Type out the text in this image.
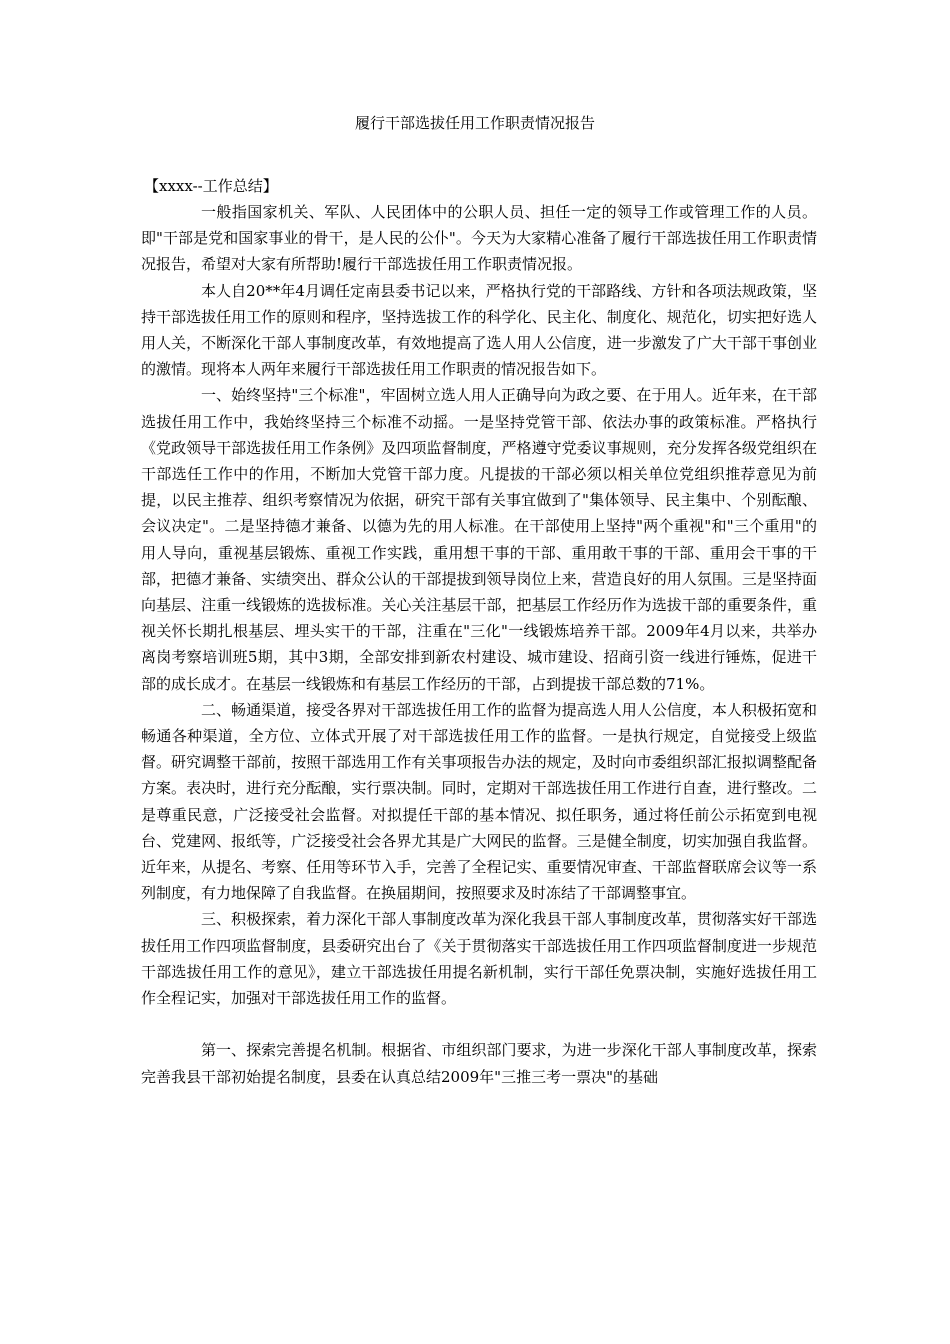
履行干部选拔任用工作职责情况报告

【xxxx--工作总结】

一般指国家机关、军队、人民团体中的公职人员、担任一定的领导工作或管理工作的人员。即"干部是党和国家事业的骨干，是人民的公仆"。今天为大家精心准备了履行干部选拔任用工作职责情况报告，希望对大家有所帮助!履行干部选拔任用工作职责情况报。

本人自20**年4月调任定南县委书记以来，严格执行党的干部路线、方针和各项法规政策，坚持干部选拔任用工作的原则和程序，坚持选拔工作的科学化、民主化、制度化、规范化，切实把好选人用人关，不断深化干部人事制度改革，有效地提高了选人用人公信度，进一步激发了广大干部干事创业的激情。现将本人两年来履行干部选拔任用工作职责的情况报告如下。

一、始终坚持"三个标准"，牢固树立选人用人正确导向为政之要、在于用人。近年来，在干部选拔任用工作中，我始终坚持三个标准不动摇。一是坚持党管干部、依法办事的政策标准。严格执行《党政领导干部选拔任用工作条例》及四项监督制度，严格遵守党委议事规则，充分发挥各级党组织在干部选任工作中的作用，不断加大党管干部力度。凡提拔的干部必须以相关单位党组织推荐意见为前提，以民主推荐、组织考察情况为依据，研究干部有关事宜做到了"集体领导、民主集中、个别酝酿、会议决定"。二是坚持德才兼备、以德为先的用人标准。在干部使用上坚持"两个重视"和"三个重用"的用人导向，重视基层锻炼、重视工作实践，重用想干事的干部、重用敢干事的干部、重用会干事的干部，把德才兼备、实绩突出、群众公认的干部提拔到领导岗位上来，营造良好的用人氛围。三是坚持面向基层、注重一线锻炼的选拔标准。关心关注基层干部，把基层工作经历作为选拔干部的重要条件，重视关怀长期扎根基层、埋头实干的干部，注重在"三化"一线锻炼培养干部。2009年4月以来，共举办离岗考察培训班5期，其中3期，全部安排到新农村建设、城市建设、招商引资一线进行锤炼，促进干部的成长成才。在基层一线锻炼和有基层工作经历的干部，占到提拔干部总数的71%。

二、畅通渠道，接受各界对干部选拔任用工作的监督为提高选人用人公信度，本人积极拓宽和畅通各种渠道，全方位、立体式开展了对干部选拔任用工作的监督。一是执行规定，自觉接受上级监督。研究调整干部前，按照干部选用工作有关事项报告办法的规定，及时向市委组织部汇报拟调整配备方案。表决时，进行充分酝酿，实行票决制。同时，定期对干部选拔任用工作进行自查，进行整改。二是尊重民意，广泛接受社会监督。对拟提任干部的基本情况、拟任职务，通过将任前公示拓宽到电视台、党建网、报纸等，广泛接受社会各界尤其是广大网民的监督。三是健全制度，切实加强自我监督。近年来，从提名、考察、任用等环节入手，完善了全程记实、重要情况审查、干部监督联席会议等一系列制度，有力地保障了自我监督。在换届期间，按照要求及时冻结了干部调整事宜。

三、积极探索，着力深化干部人事制度改革为深化我县干部人事制度改革，贯彻落实好干部选拔任用工作四项监督制度，县委研究出台了《关于贯彻落实干部选拔任用工作四项监督制度进一步规范干部选拔任用工作的意见》，建立干部选拔任用提名新机制，实行干部任免票决制，实施好选拔任用工作全程记实，加强对干部选拔任用工作的监督。

第一、探索完善提名机制。根据省、市组织部门要求，为进一步深化干部人事制度改革，探索完善我县干部初始提名制度，县委在认真总结2009年"三推三考一票决"的基础
